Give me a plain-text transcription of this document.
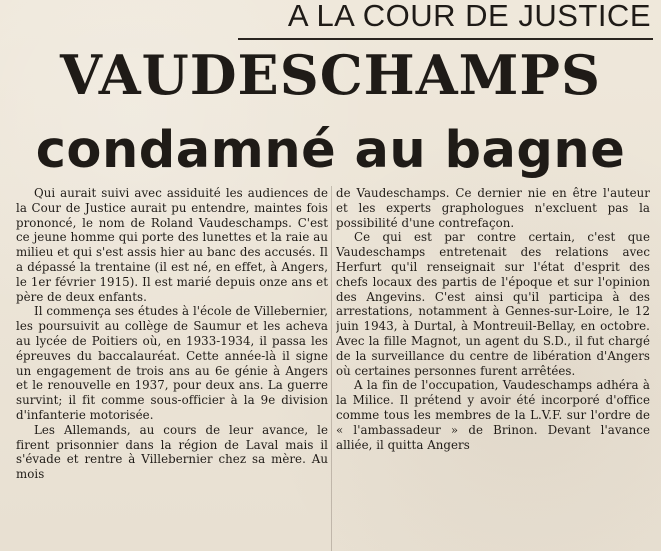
A LA COUR DE JUSTICE
VAUDESCHAMPS
condamné au bagne

Qui aurait suivi avec assiduité les audiences de la Cour de Justice aurait pu entendre, maintes fois prononcé, le nom de Roland Vaudeschamps. C'est ce jeune homme qui porte des lunettes et la raie au milieu et qui s'est assis hier au banc des accusés. Il a dépassé la trentaine (il est né, en effet, à Angers, le 1er février 1915). Il est marié depuis onze ans et père de deux enfants.

Il commença ses études à l'école de Villebernier, les poursuivit au collège de Saumur et les acheva au lycée de Poitiers où, en 1933-1934, il passa les épreuves du baccalauréat. Cette année-là il signe un engagement de trois ans au 6e génie à Angers et le renouvelle en 1937, pour deux ans. La guerre survint; il fit comme sous-officier à la 9e division d'infanterie motorisée.

Les Allemands, au cours de leur avance, le firent prisonnier dans la région de Laval mais il s'évade et rentre à Villebernier chez sa mère. Au mois

de Vaudeschamps. Ce dernier nie en être l'auteur et les experts graphologues n'excluent pas la possibilité d'une contrefaçon.

Ce qui est par contre certain, c'est que Vaudeschamps entretenait des relations avec Herfurt qu'il renseignait sur l'état d'esprit des chefs locaux des partis de l'époque et sur l'opinion des Angevins. C'est ainsi qu'il participa à des arrestations, notamment à Gennes-sur-Loire, le 12 juin 1943, à Durtal, à Montreuil-Bellay, en octobre. Avec la fille Magnot, un agent du S.D., il fut chargé de la surveillance du centre de libération d'Angers où certaines personnes furent arrêtées.

A la fin de l'occupation, Vaudeschamps adhéra à la Milice. Il prétend y avoir été incorporé d'office comme tous les membres de la L.V.F. sur l'ordre de « l'ambassadeur » de Brinon. Devant l'avance alliée, il quitta Angers
